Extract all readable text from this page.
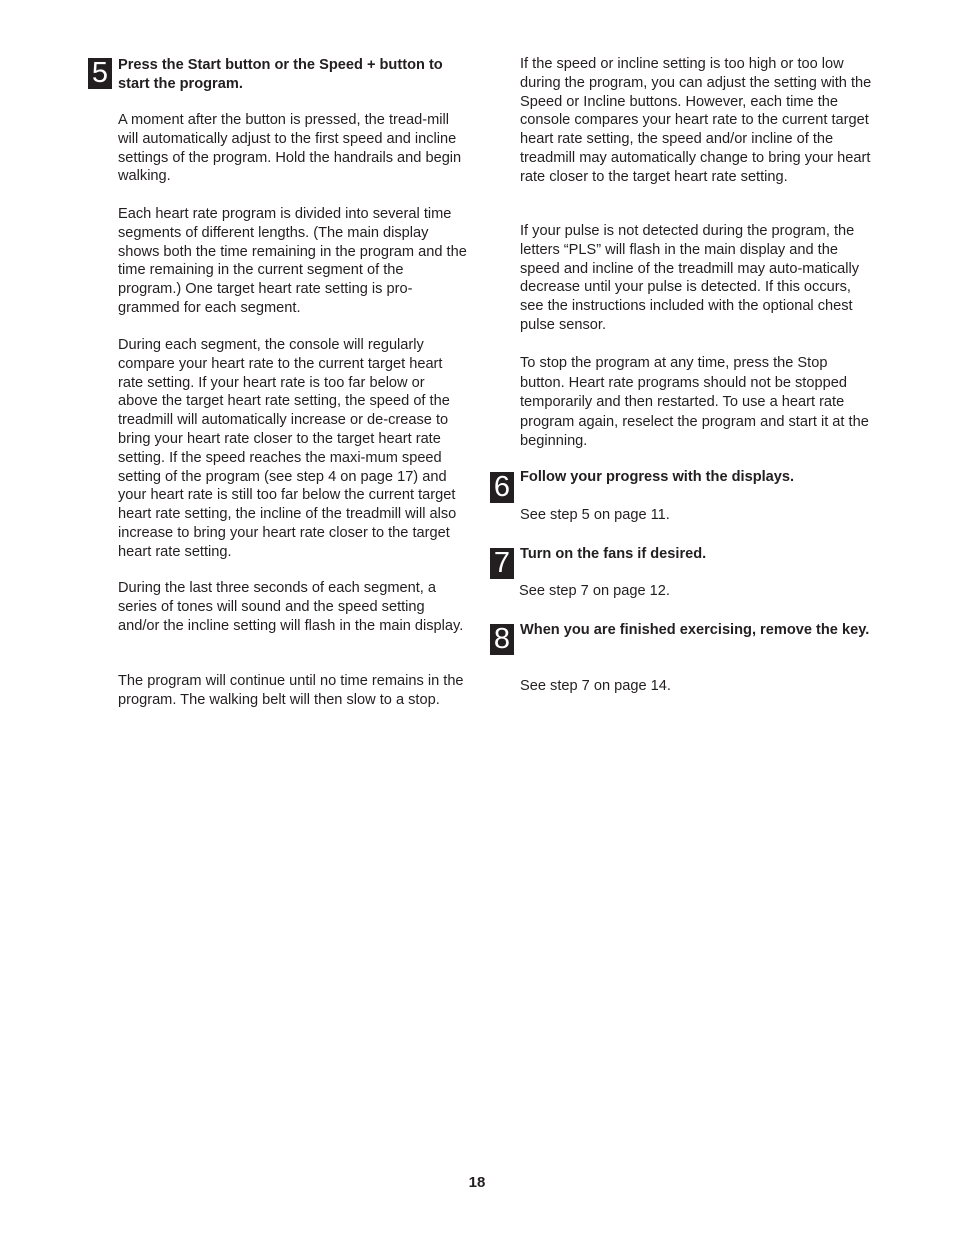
5 Press the Start button or the Speed + button to start the program.

A moment after the button is pressed, the tread-mill will automatically adjust to the first speed and incline settings of the program. Hold the handrails and begin walking.

Each heart rate program is divided into several time segments of different lengths. (The main display shows both the time remaining in the program and the time remaining in the current segment of the program.) One target heart rate setting is pro-grammed for each segment.

During each segment, the console will regularly compare your heart rate to the current target heart rate setting. If your heart rate is too far below or above the target heart rate setting, the speed of the treadmill will automatically increase or de-crease to bring your heart rate closer to the target heart rate setting. If the speed reaches the maxi-mum speed setting of the program (see step 4 on page 17) and your heart rate is still too far below the current target heart rate setting, the incline of the treadmill will also increase to bring your heart rate closer to the target heart rate setting.

During the last three seconds of each segment, a series of tones will sound and the speed setting and/or the incline setting will flash in the main display.

The program will continue until no time remains in the program. The walking belt will then slow to a stop.

If the speed or incline setting is too high or too low during the program, you can adjust the setting with the Speed or Incline buttons. However, each time the console compares your heart rate to the current target heart rate setting, the speed and/or incline of the treadmill may automatically change to bring your heart rate closer to the target heart rate setting.

If your pulse is not detected during the program, the letters “PLS” will flash in the main display and the speed and incline of the treadmill may auto-matically decrease until your pulse is detected. If this occurs, see the instructions included with the optional chest pulse sensor.

To stop the program at any time, press the Stop button. Heart rate programs should not be stopped temporarily and then restarted. To use a heart rate program again, reselect the program and start it at the beginning.

6 Follow your progress with the displays.

See step 5 on page 11.

7 Turn on the fans if desired.

See step 7 on page 12.

8 When you are finished exercising, remove the key.

See step 7 on page 14.

18
